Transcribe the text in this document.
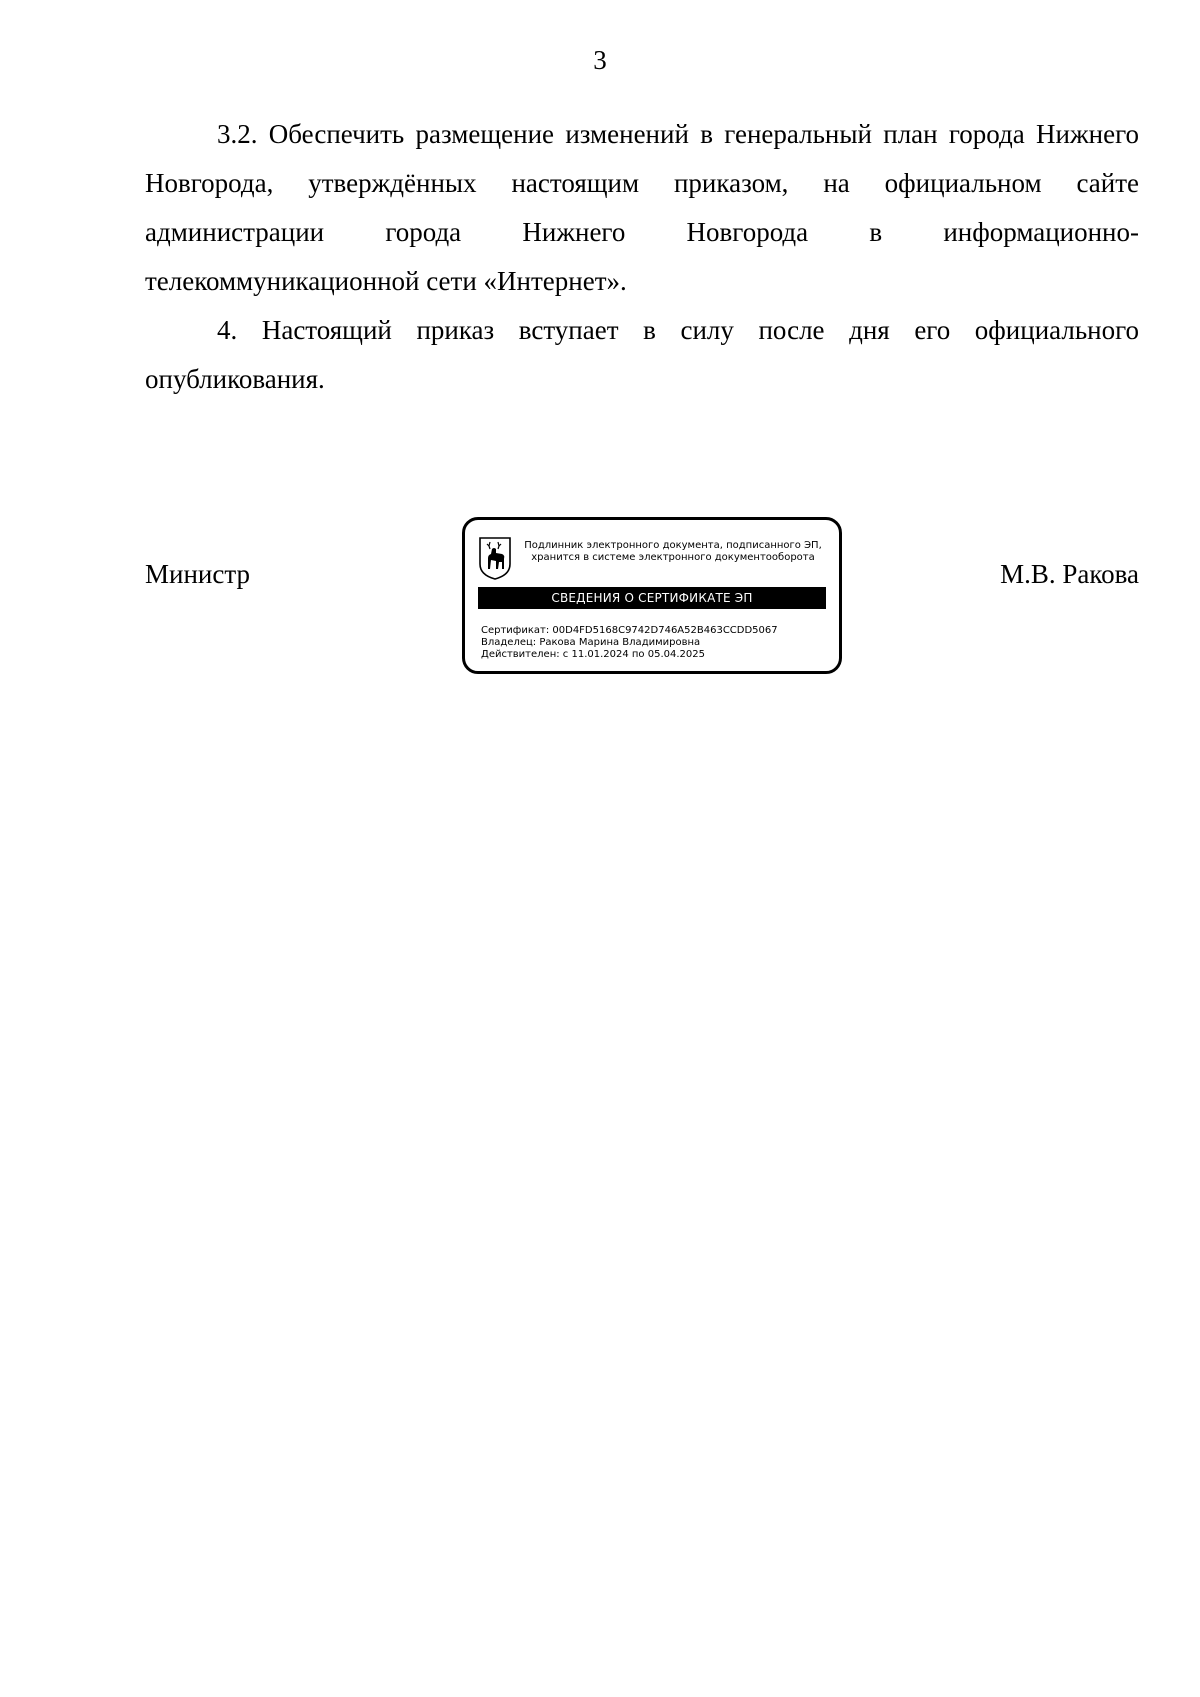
3

3.2. Обеспечить размещение изменений в генеральный план города Нижнего Новгорода, утверждённых настоящим приказом, на официальном сайте администрации города Нижнего Новгорода в информационно-телекоммуникационной сети «Интернет».

4. Настоящий приказ вступает в силу после дня его официального опубликования.

Министр	М.В. Ракова
Подлинник электронного документа, подписанного ЭП,
хранится в системе электронного документооборота
СВЕДЕНИЯ О СЕРТИФИКАТЕ ЭП
Сертификат: 00D4FD5168C9742D746A52B463CCDD5067
Владелец: Ракова Марина Владимировна
Действителен: с 11.01.2024 по 05.04.2025
